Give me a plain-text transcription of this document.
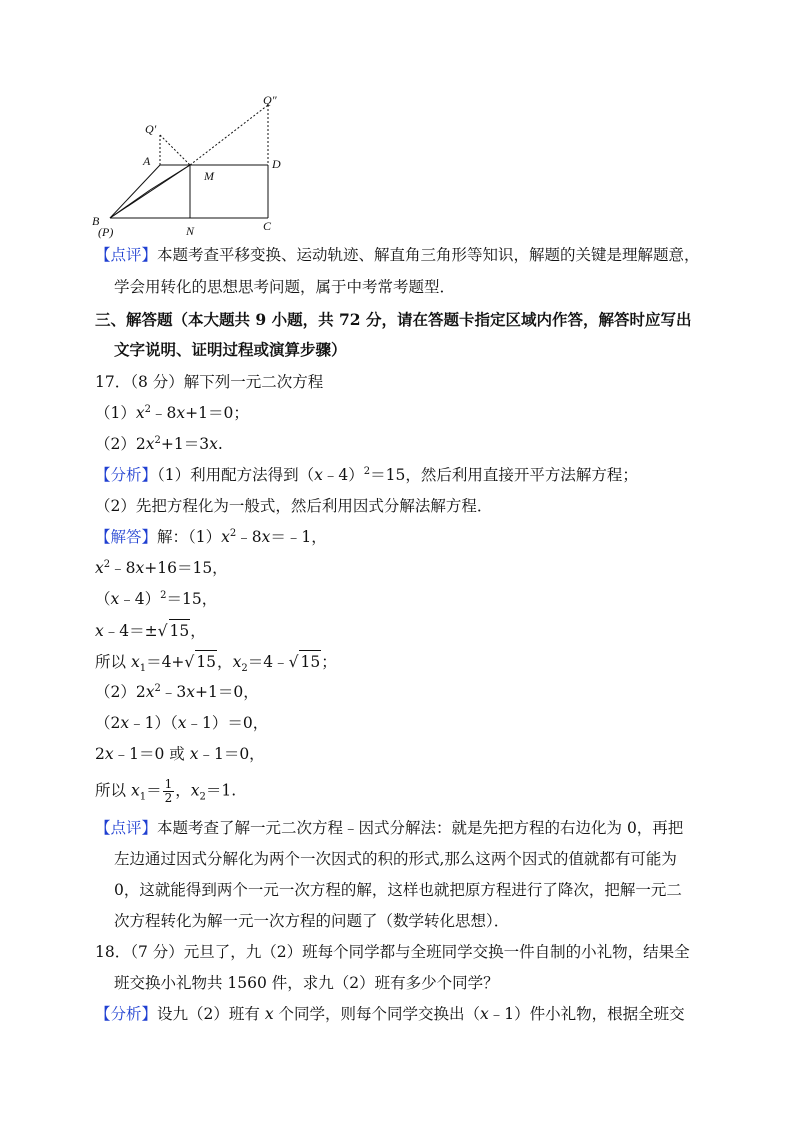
Q″
Q′
A	D
M
B
(P)	N	C
【点评】本题考查平移变换、运动轨迹、解直角三角形等知识，解题的关键是理解题意，
学会用转化的思想思考问题，属于中考常考题型．
三、解答题（本大题共 9 小题，共 72 分，请在答题卡指定区域内作答，解答时应写出
文字说明、证明过程或演算步骤）
17．（8 分）解下列一元二次方程
$(1)x^2﹣8x+1=0$；
$(2)2x^2+1=3x$.
【分析】（1）利用配方法得到（x﹣4）$^2$＝15，然后利用直接开平方法解方程；
（2）先把方程化为一般式，然后利用因式分解法解方程．
【解答】解：$(1)x^2﹣8x=﹣1$，
$x^2﹣8x+16=15$，
（x﹣4）$^2$＝15，
x﹣4＝±√ 15，
所以 $x_1=4+√$ 15，$x_2=4﹣√$ 15；
$(2)2x^2﹣3x+1=0$，
（2x﹣1）（x﹣1）＝0，
2x﹣1＝0 或 x﹣1＝0，
所以 $x_1= \frac{1}{2}$ ，$x_2=1$.
【点评】本题考查了解一元二次方程﹣因式分解法：就是先把方程的右边化为 0，再把
左边通过因式分解化为两个一次因式的积的形式,那么这两个因式的值就都有可能为
0，这就能得到两个一元一次方程的解，这样也就把原方程进行了降次，把解一元二
次方程转化为解一元一次方程的问题了（数学转化思想）．
18．（7 分）元旦了，九（2）班每个同学都与全班同学交换一件自制的小礼物，结果全
班交换小礼物共 1560 件，求九（2）班有多少个同学？
【分析】设九（2）班有 x 个同学，则每个同学交换出（x﹣1）件小礼物，根据全班交
